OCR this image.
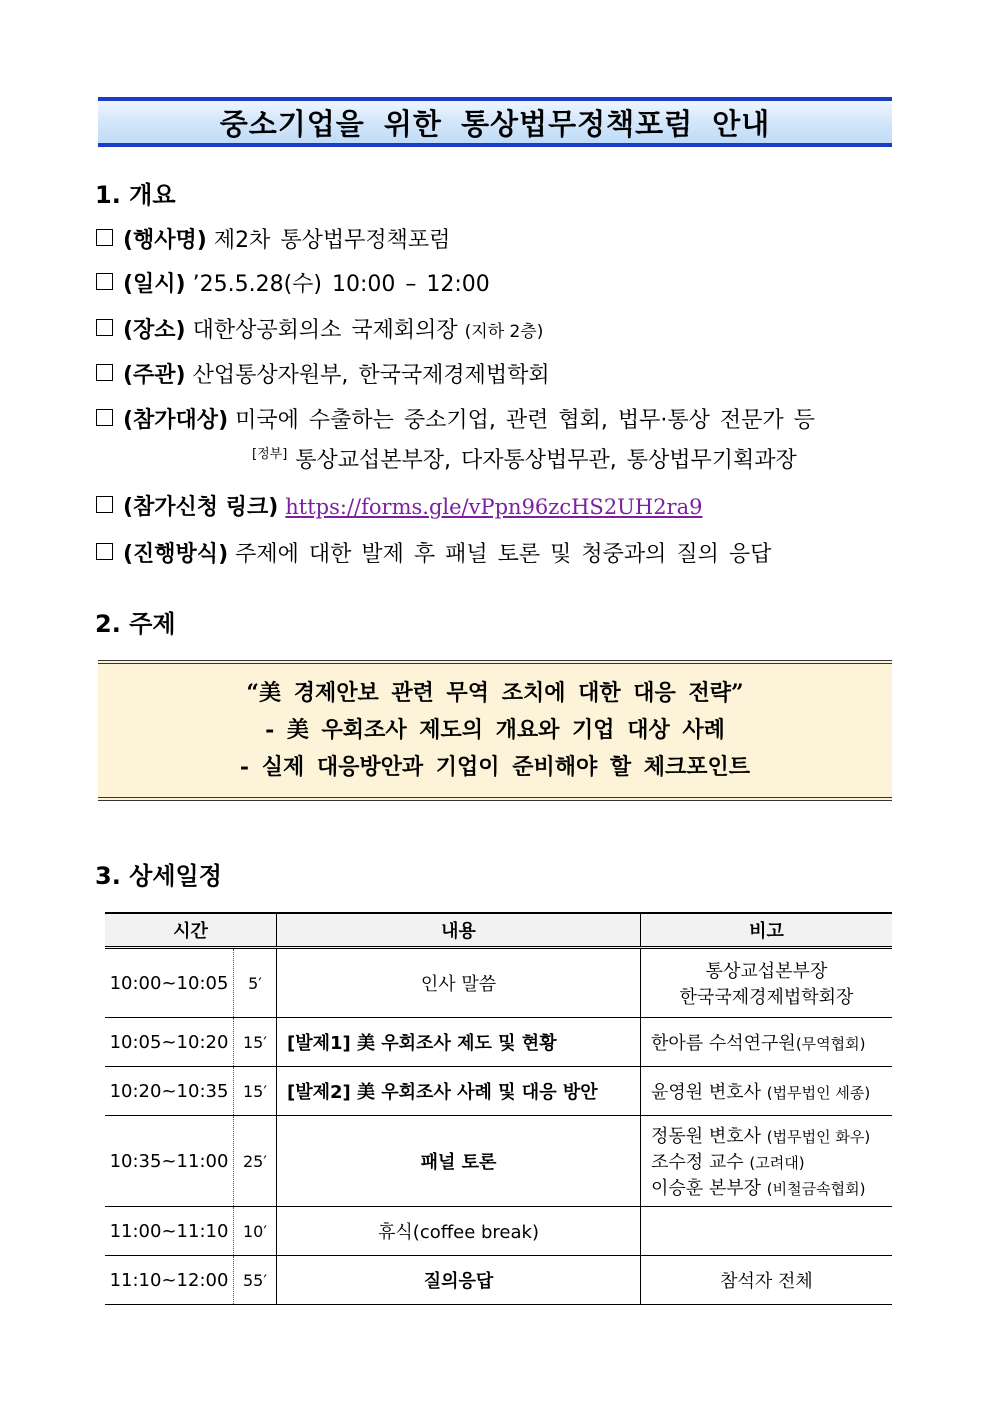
중소기업을 위한 통상법무정책포럼 안내
1. 개요
(행사명) 제2차 통상법무정책포럼
(일시) ’25.5.28(수) 10:00 – 12:00
(장소) 대한상공회의소 국제회의장 (지하 2층)
(주관) 산업통상자원부, 한국국제경제법학회
(참가대상) 미국에 수출하는 중소기업, 관련 협회, 법무·통상 전문가 등
[정부] 통상교섭본부장, 다자통상법무관, 통상법무기획과장
(참가신청 링크) https://forms.gle/vPpn96zcHS2UH2ra9
(진행방식) 주제에 대한 발제 후 패널 토론 및 청중과의 질의 응답
2. 주제
“美 경제안보 관련 무역 조치에 대한 대응 전략”
- 美 우회조사 제도의 개요와 기업 대상 사례
- 실제 대응방안과 기업이 준비해야 할 체크포인트
3. 상세일정
시간		내용	비고
10:00~10:05	5′	인사 말씀	통상교섭본부장
한국국제경제법학회장

10:05~10:20	15′	[발제1] 美 우회조사 제도 및 현황	한아름 수석연구원(무역협회)
10:20~10:35	15′	[발제2] 美 우회조사 사례 및 대응 방안	윤영원 변호사 (법무법인 세종)
10:35~11:00	25′	패널 토론	정동원 변호사 (법무법인 화우)
조수정 교수 (고려대)
이승훈 본부장 (비철금속협회)

11:00~11:10	10′	휴식(coffee break)	
11:10~12:00	55′	질의응답	참석자 전체
